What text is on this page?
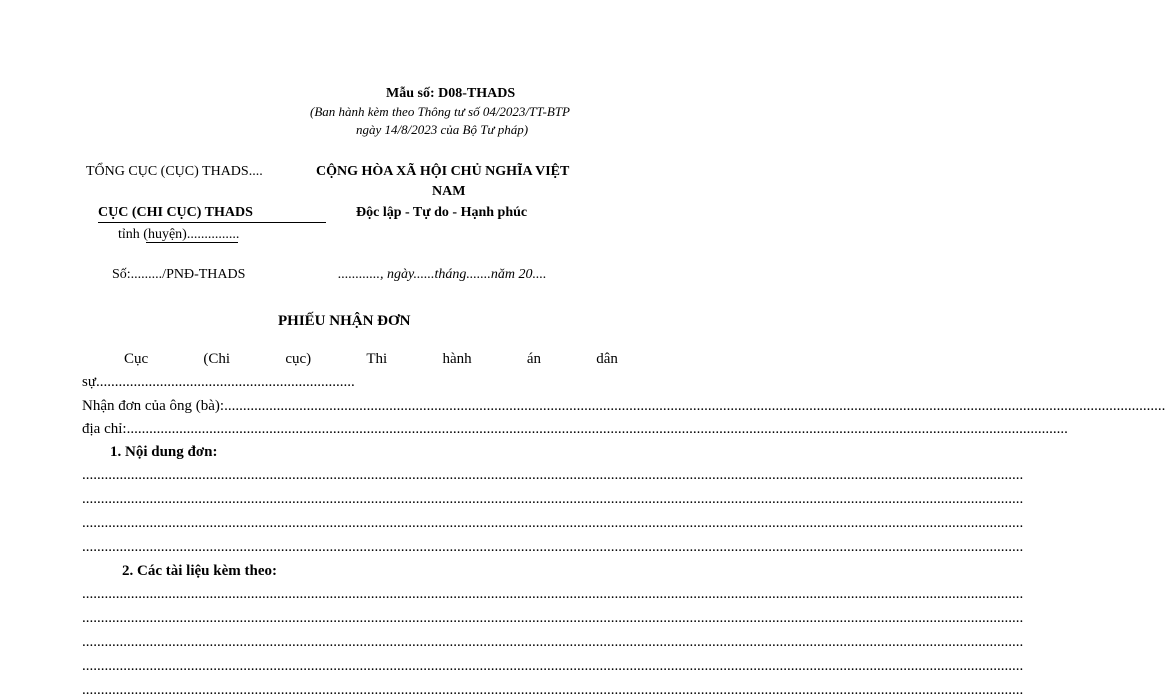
Mẫu số: D08-THADS
(Ban hành kèm theo Thông tư số 04/2023/TT-BTP
ngày 14/8/2023 của Bộ Tư pháp)
TỔNG CỤC (CỤC) THADS....
CỤC (CHI CỤC) THADS
tỉnh (huyện)...............
CỘNG HÒA XÃ HỘI CHỦ NGHĨA VIỆT
NAM
Độc lập - Tự do - Hạnh phúc
Số:........./PNĐ-THADS	............, ngày......tháng.......năm 20....
PHIẾU NHẬN ĐƠN
Cục	(Chi	cục)	Thi	hành	án	dân
sự.....................................................................
Nhận đơn của ông (bà): ...........................................................................................................................................................................................................................................................
địa chỉ: ...........................................................................................................................................................................................................................................................
1. Nội dung đơn:
...........................................................................................................................................................................................................................................................
...........................................................................................................................................................................................................................................................
...........................................................................................................................................................................................................................................................
...........................................................................................................................................................................................................................................................
2. Các tài liệu kèm theo:
...........................................................................................................................................................................................................................................................
...........................................................................................................................................................................................................................................................
...........................................................................................................................................................................................................................................................
...........................................................................................................................................................................................................................................................
...........................................................................................................................................................................................................................................................
